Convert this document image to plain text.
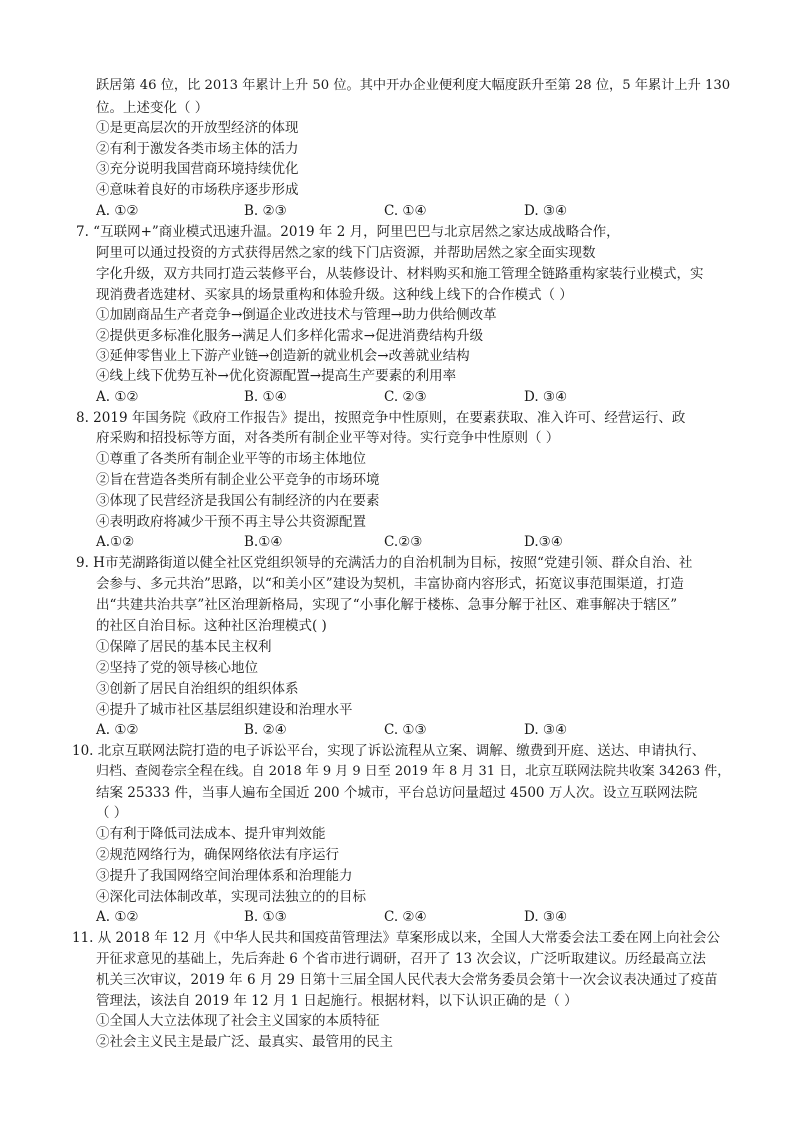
跃居第 46 位，比 2013 年累计上升 50 位。其中开办企业便利度大幅度跃升至第 28 位，5 年累计上升 130
位。上述变化（ ）
①是更高层次的开放型经济的体现
②有利于激发各类市场主体的活力
③充分说明我国营商环境持续优化
④意味着良好的市场秩序逐步形成
A. ①②	B. ②③	C. ①④	D. ③④
7. “互联网+”商业模式迅速升温。2019 年 2 月，阿里巴巴与北京居然之家达成战略合作，
阿里可以通过投资的方式获得居然之家的线下门店资源，并帮助居然之家全面实现数
字化升级，双方共同打造云装修平台，从装修设计、材料购买和施工管理全链路重构家装行业模式，实
现消费者选建材、买家具的场景重构和体验升级。这种线上线下的合作模式（ ）
①加剧商品生产者竞争→倒逼企业改进技术与管理→助力供给侧改革
②提供更多标准化服务→满足人们多样化需求→促进消费结构升级
③延伸零售业上下游产业链→创造新的就业机会→改善就业结构
④线上线下优势互补→优化资源配置→提高生产要素的利用率
A. ①②	B. ①④	C. ②③	D. ③④
8. 2019 年国务院《政府工作报告》提出，按照竞争中性原则，在要素获取、准入许可、经营运行、政
府采购和招投标等方面，对各类所有制企业平等对待。实行竞争中性原则（ ）
①尊重了各类所有制企业平等的市场主体地位
②旨在营造各类所有制企业公平竞争的市场环境
③体现了民营经济是我国公有制经济的内在要素
④表明政府将减少干预不再主导公共资源配置
A.①②	B.①④	C.②③	D.③④
9. H市芜湖路街道以健全社区党组织领导的充满活力的自治机制为目标，按照“党建引领、群众自治、社
会参与、多元共治”思路，以“和美小区”建设为契机，丰富协商内容形式，拓宽议事范围渠道，打造
出“共建共治共享”社区治理新格局，实现了“小事化解于楼栋、急事分解于社区、难事解决于辖区”
的社区自治目标。这种社区治理模式( )
①保障了居民的基本民主权利
②坚持了党的领导核心地位
③创新了居民自治组织的组织体系
④提升了城市社区基层组织建设和治理水平
A. ①②	B. ②④	C. ①③	D. ③④
10. 北京互联网法院打造的电子诉讼平台，实现了诉讼流程从立案、调解、缴费到开庭、送达、申请执行、
归档、查阅卷宗全程在线。自 2018 年 9 月 9 日至 2019 年 8 月 31 日，北京互联网法院共收案 34263 件，
结案 25333 件，当事人遍布全国近 200 个城市，平台总访问量超过 4500 万人次。设立互联网法院
（ ）
①有利于降低司法成本、提升审判效能
②规范网络行为，确保网络依法有序运行
③提升了我国网络空间治理体系和治理能力
④深化司法体制改革，实现司法独立的的目标
A. ①②	B. ①③	C. ②④	D. ③④
11. 从 2018 年 12 月《中华人民共和国疫苗管理法》草案形成以来，全国人大常委会法工委在网上向社会公
开征求意见的基础上，先后奔赴 6 个省市进行调研，召开了 13 次会议，广泛听取建议。历经最高立法
机关三次审议，2019 年 6 月 29 日第十三届全国人民代表大会常务委员会第十一次会议表决通过了疫苗
管理法，该法自 2019 年 12 月 1 日起施行。根据材料，以下认识正确的是（ ）
①全国人大立法体现了社会主义国家的本质特征
②社会主义民主是最广泛、最真实、最管用的民主
